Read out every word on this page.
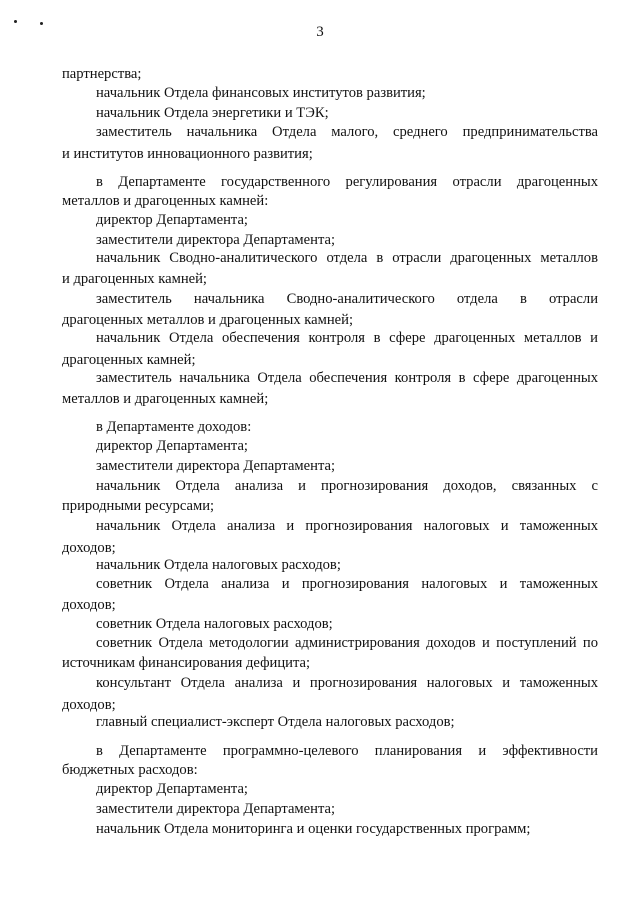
3
партнерства;
начальник Отдела финансовых институтов развития;
начальник Отдела энергетики и ТЭК;
заместитель начальника Отдела малого, среднего предпринимательства
и институтов инновационного развития;
в Департаменте государственного регулирования отрасли драгоценных
металлов и драгоценных камней:
директор Департамента;
заместители директора Департамента;
начальник Сводно-аналитического отдела в отрасли драгоценных металлов
и драгоценных камней;
заместитель начальника Сводно-аналитического отдела в отрасли
драгоценных металлов и драгоценных камней;
начальник Отдела обеспечения контроля в сфере драгоценных металлов и
драгоценных камней;
заместитель начальника Отдела обеспечения контроля в сфере драгоценных
металлов и драгоценных камней;
в Департаменте доходов:
директор Департамента;
заместители директора Департамента;
начальник Отдела анализа и прогнозирования доходов, связанных с
природными ресурсами;
начальник Отдела анализа и прогнозирования налоговых и таможенных
доходов;
начальник Отдела налоговых расходов;
советник Отдела анализа и прогнозирования налоговых и таможенных
доходов;
советник Отдела налоговых расходов;
советник Отдела методологии администрирования доходов и поступлений по
источникам финансирования дефицита;
консультант Отдела анализа и прогнозирования налоговых и таможенных
доходов;
главный специалист-эксперт Отдела налоговых расходов;
в Департаменте программно-целевого планирования и эффективности
бюджетных расходов:
директор Департамента;
заместители директора Департамента;
начальник Отдела мониторинга и оценки государственных программ;
